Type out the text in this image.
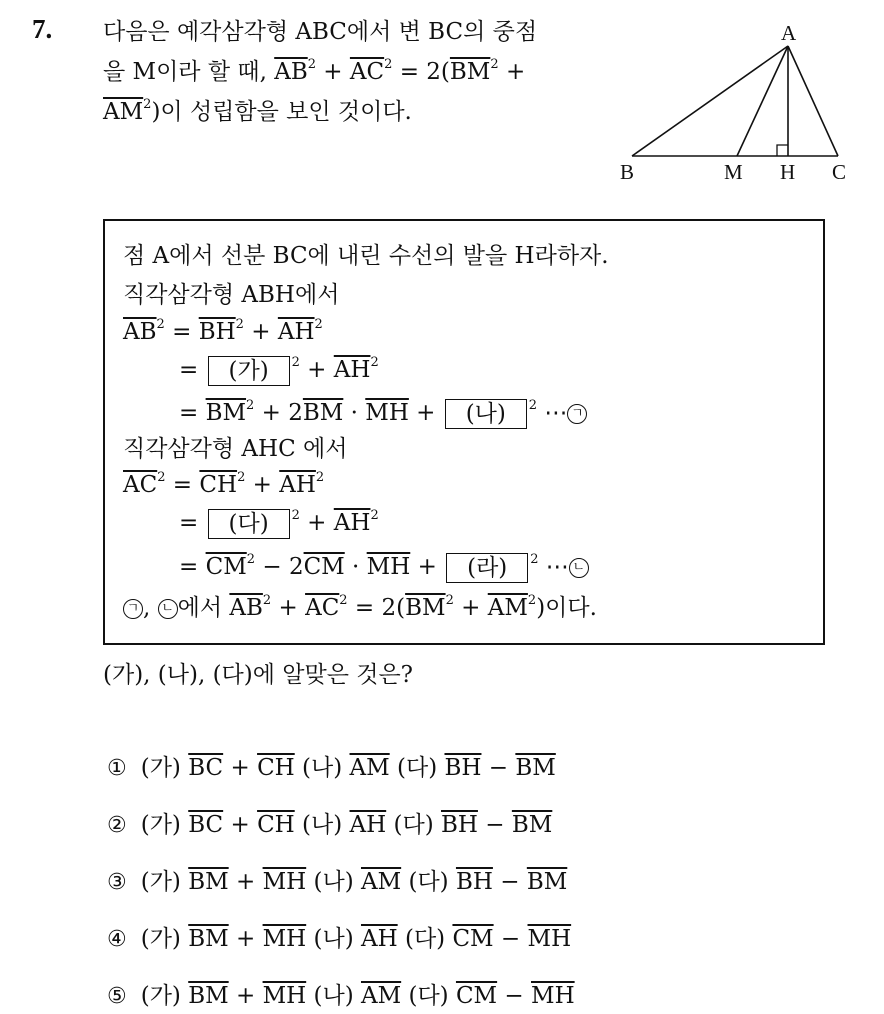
7. 다음은 예각삼각형 ABC에서 변 BC의 중점
을 M이라 할 때, $\overline{AB}^2 + \overline{AC}^2 = 2(\overline{BM}^2$ +
$\overline{AM}^2$)이 성립함을 보인 것이다.
A
B	M H C
점 A에서 선분 BC에 내린 수선의 발을 H라하자.
직각삼각형 ABH에서
$\overline{AB}^2 = \overline{BH}^2 + \overline{AH}^2$
= (가) $^2 + \overline{AH}^2$
= $\overline{BM}^2 + 2\overline{BM} \cdot \overline{MH}$ + (나) $^2$ ⋯ ㄱ
직각삼각형 AHC 에서
$\overline{AC}^2 = \overline{CH}^2 + \overline{AH}^2$
= (다) $^2 + \overline{AH}^2$
= $\overline{CM}^2 - 2\overline{CM} \cdot \overline{MH}$ + (라) $^2$ ⋯ ㄴ
ㄱ , ㄴ 에서 $\overline{AB}^2 + \overline{AC}^2 = 2(\overline{BM}^2 + \overline{AM}^2)$이다.
(가), (나), (다)에 알맞은 것은?
① (가) $\overline{BC} + \overline{CH}$ (나) $\overline{AM}$ (다) $\overline{BH} - \overline{BM}$
② (가) $\overline{BC} + \overline{CH}$ (나) $\overline{AH}$ (다) $\overline{BH} - \overline{BM}$
③ (가) $\overline{BM} + \overline{MH}$ (나) $\overline{AM}$ (다) $\overline{BH} - \overline{BM}$
④ (가) $\overline{BM} + \overline{MH}$ (나) $\overline{AH}$ (다) $\overline{CM} - \overline{MH}$
⑤ (가) $\overline{BM} + \overline{MH}$ (나) $\overline{AM}$ (다) $\overline{CM} - \overline{MH}$
